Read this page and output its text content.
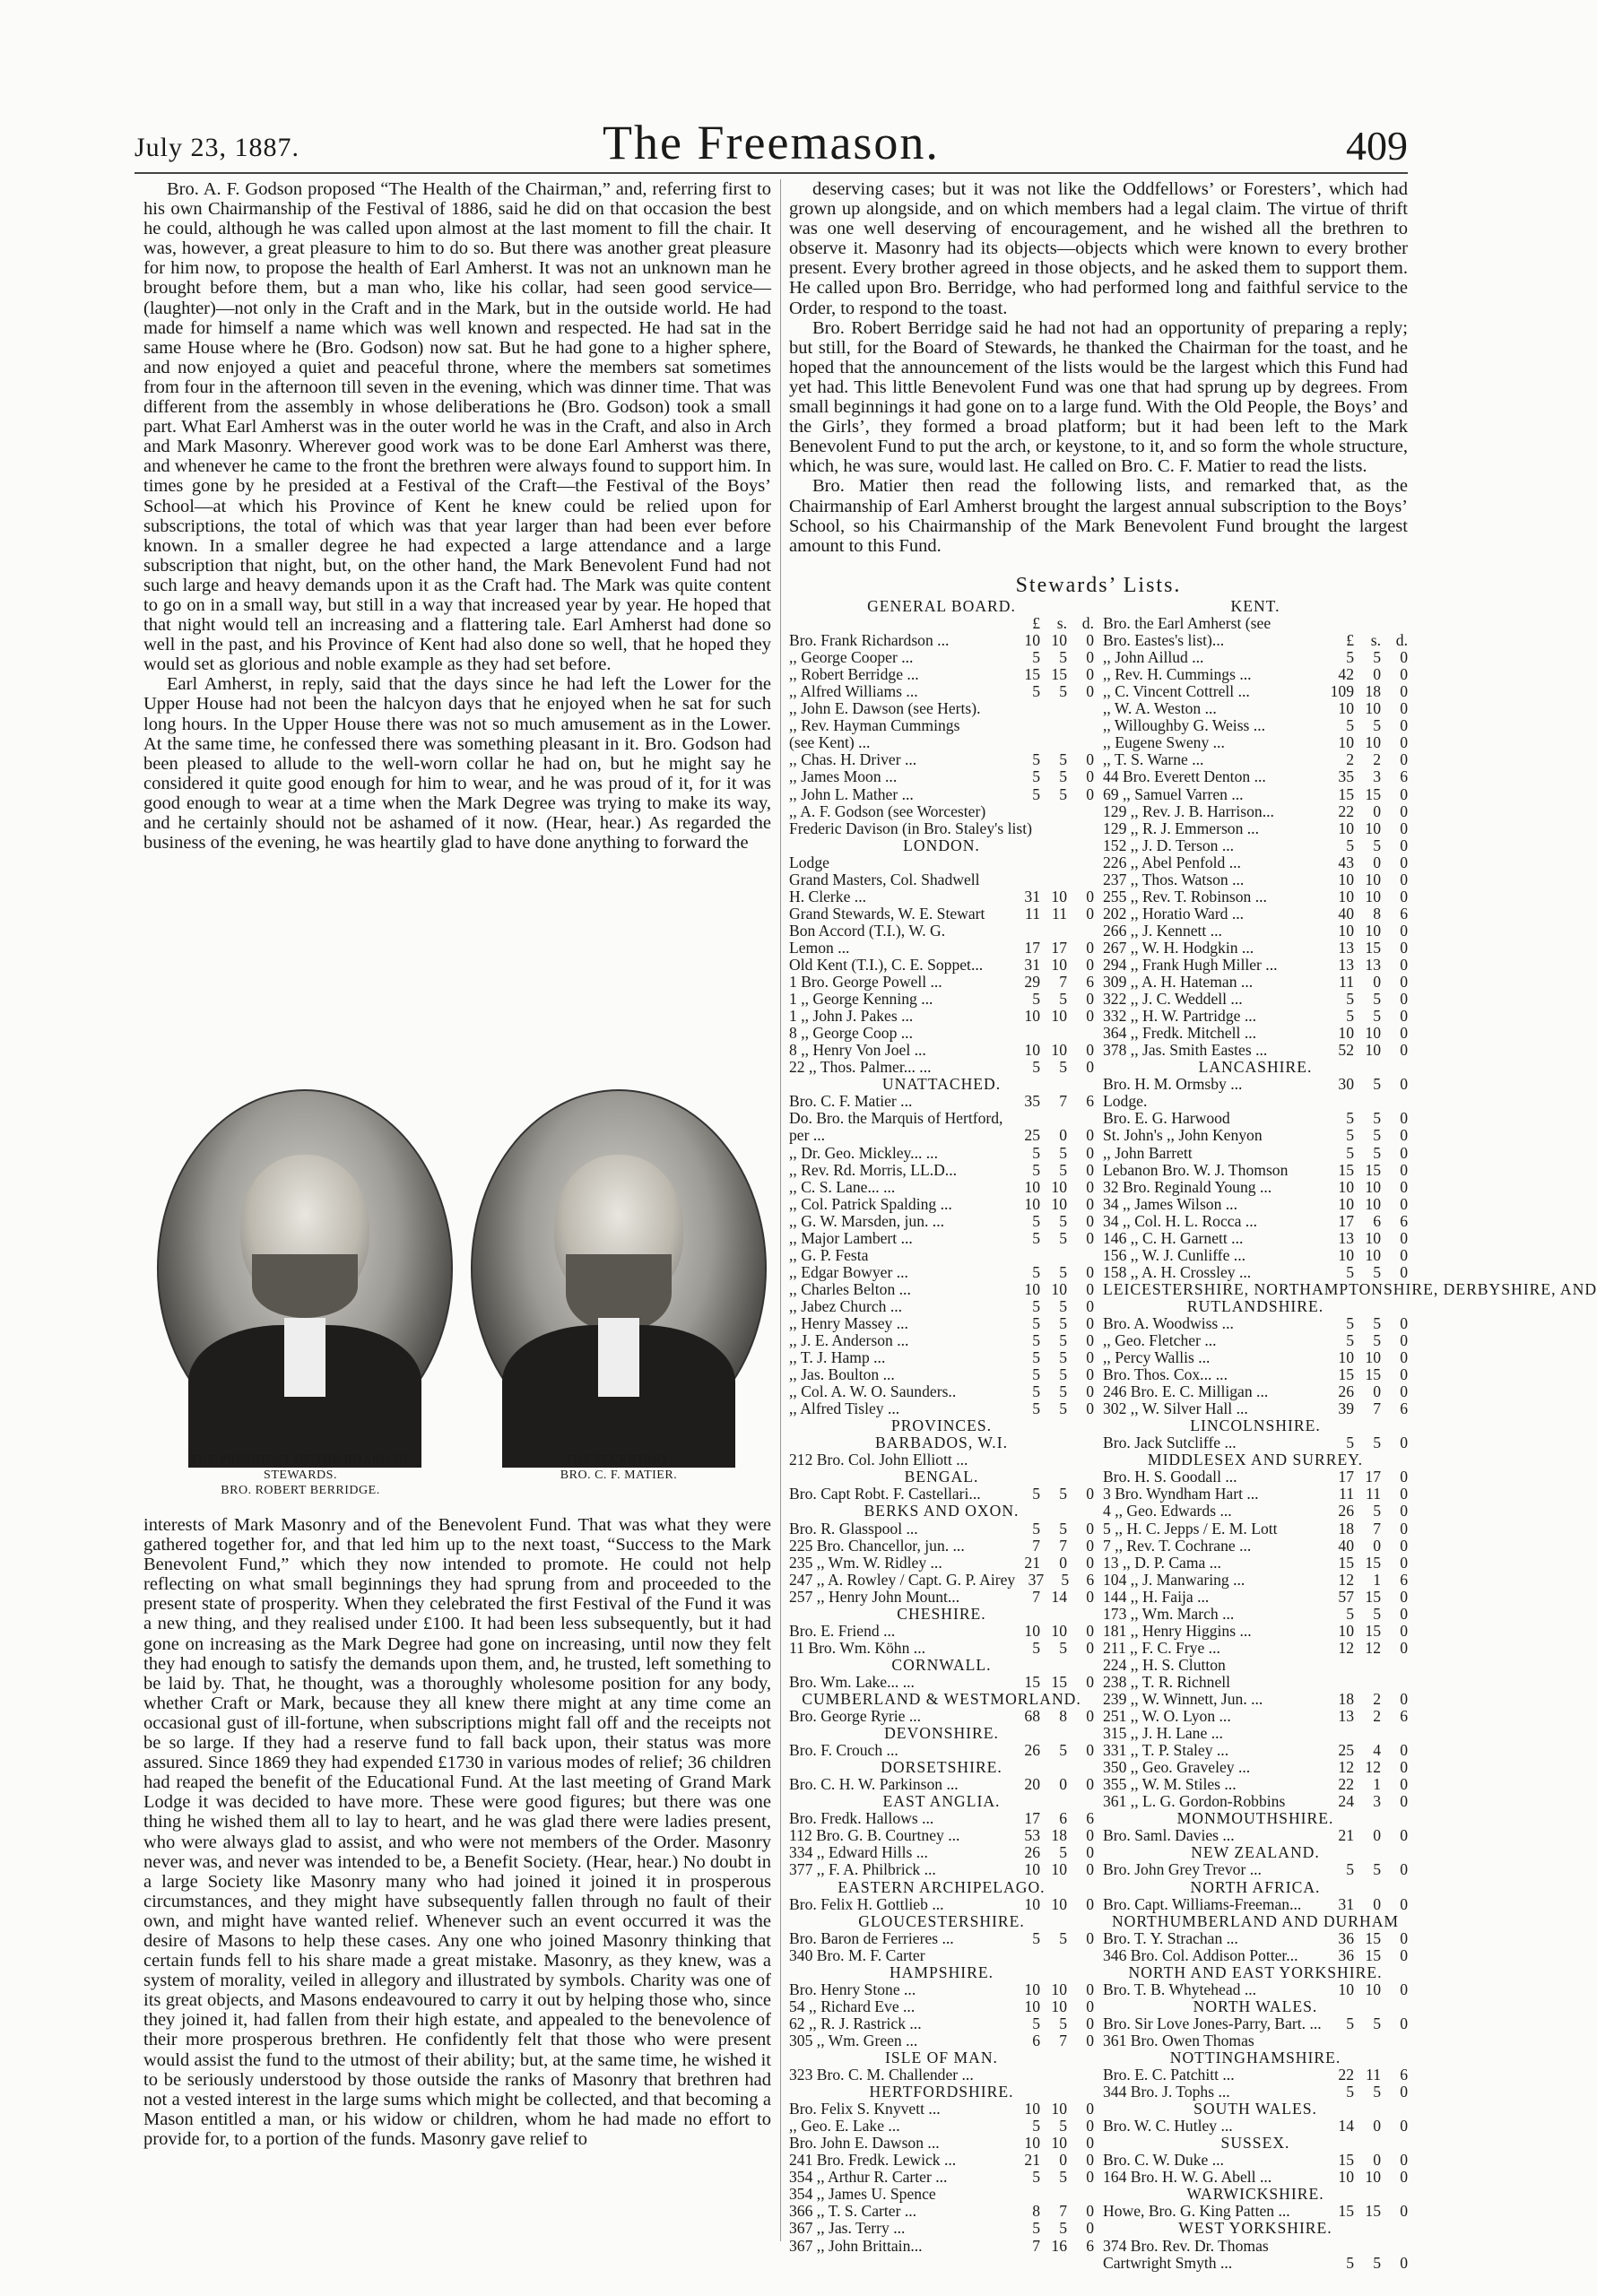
July 23, 1887.	The Freemason.	409

Bro. A. F. Godson proposed “The Health of the Chairman,” and, referring first to his own Chairmanship of the Festival of 1886, said he did on that occasion the best he could, although he was called upon almost at the last moment to fill the chair. It was, however, a great pleasure to him to do so. But there was another great pleasure for him now, to propose the health of Earl Amherst. It was not an unknown man he brought before them, but a man who, like his collar, had seen good service—(laughter)—not only in the Craft and in the Mark, but in the outside world. He had made for himself a name which was well known and respected. He had sat in the same House where he (Bro. Godson) now sat. But he had gone to a higher sphere, and now enjoyed a quiet and peaceful throne, where the members sat sometimes from four in the afternoon till seven in the evening, which was dinner time. That was different from the assembly in whose deliberations he (Bro. Godson) took a small part. What Earl Amherst was in the outer world he was in the Craft, and also in Arch and Mark Masonry. Wherever good work was to be done Earl Amherst was there, and whenever he came to the front the brethren were always found to support him. In times gone by he presided at a Festival of the Craft—the Festival of the Boys’ School—at which his Province of Kent he knew could be relied upon for subscriptions, the total of which was that year larger than had been ever before known. In a smaller degree he had expected a large attendance and a large subscription that night, but, on the other hand, the Mark Benevolent Fund had not such large and heavy demands upon it as the Craft had. The Mark was quite content to go on in a small way, but still in a way that increased year by year. He hoped that that night would tell an increasing and a flattering tale. Earl Amherst had done so well in the past, and his Province of Kent had also done so well, that he hoped they would set as glorious and noble example as they had set before.

Earl Amherst, in reply, said that the days since he had left the Lower for the Upper House had not been the halcyon days that he enjoyed when he sat for such long hours. In the Upper House there was not so much amusement as in the Lower. At the same time, he confessed there was something pleasant in it. Bro. Godson had been pleased to allude to the well-worn collar he had on, but he might say he considered it quite good enough for him to wear, and he was proud of it, for it was good enough to wear at a time when the Mark Degree was trying to make its way, and he certainly should not be ashamed of it now. (Hear, hear.) As regarded the business of the evening, he was heartily glad to have done anything to forward the

THE PRESIDENT OF THE BOARD OF
STEWARDS.
BRO. ROBERT BERRIDGE.
THE SECRETARY.
BRO. C. F. MATIER.

interests of Mark Masonry and of the Benevolent Fund. That was what they were gathered together for, and that led him up to the next toast, “Success to the Mark Benevolent Fund,” which they now intended to promote. He could not help reflecting on what small beginnings they had sprung from and proceeded to the present state of prosperity. When they celebrated the first Festival of the Fund it was a new thing, and they realised under £100. It had been less subsequently, but it had gone on increasing as the Mark Degree had gone on increasing, until now they felt they had enough to satisfy the demands upon them, and, he trusted, left something to be laid by. That, he thought, was a thoroughly wholesome position for any body, whether Craft or Mark, because they all knew there might at any time come an occasional gust of ill-fortune, when subscriptions might fall off and the receipts not be so large. If they had a reserve fund to fall back upon, their status was more assured. Since 1869 they had expended £1730 in various modes of relief; 36 children had reaped the benefit of the Educational Fund. At the last meeting of Grand Mark Lodge it was decided to have more. These were good figures; but there was one thing he wished them all to lay to heart, and he was glad there were ladies present, who were always glad to assist, and who were not members of the Order. Masonry never was, and never was intended to be, a Benefit Society. (Hear, hear.) No doubt in a large Society like Masonry many who had joined it joined it in prosperous circumstances, and they might have subsequently fallen through no fault of their own, and might have wanted relief. Whenever such an event occurred it was the desire of Masons to help these cases. Any one who joined Masonry thinking that certain funds fell to his share made a great mistake. Masonry, as they knew, was a system of morality, veiled in allegory and illustrated by symbols. Charity was one of its great objects, and Masons endeavoured to carry it out by helping those who, since they joined it, had fallen from their high estate, and appealed to the benevolence of their more prosperous brethren. He confidently felt that those who were present would assist the fund to the utmost of their ability; but, at the same time, he wished it to be seriously understood by those outside the ranks of Masonry that brethren had not a vested interest in the large sums which might be collected, and that becoming a Mason entitled a man, or his widow or children, whom he had made no effort to provide for, to a portion of the funds. Masonry gave relief to

deserving cases; but it was not like the Oddfellows’ or Foresters’, which had grown up alongside, and on which members had a legal claim. The virtue of thrift was one well deserving of encouragement, and he wished all the brethren to observe it. Masonry had its objects—objects which were known to every brother present. Every brother agreed in those objects, and he asked them to support them. He called upon Bro. Berridge, who had performed long and faithful service to the Order, to respond to the toast.

Bro. Robert Berridge said he had not had an opportunity of preparing a reply; but still, for the Board of Stewards, he thanked the Chairman for the toast, and he hoped that the announcement of the lists would be the largest which this Fund had yet had. This little Benevolent Fund was one that had sprung up by degrees. From small beginnings it had gone on to a large fund. With the Old People, the Boys’ and the Girls’, they formed a broad platform; but it had been left to the Mark Benevolent Fund to put the arch, or keystone, to it, and so form the whole structure, which, he was sure, would last. He called on Bro. C. F. Matier to read the lists.

Bro. Matier then read the following lists, and remarked that, as the Chairmanship of Earl Amherst brought the largest annual subscription to the Boys’ School, so his Chairmanship of the Mark Benevolent Fund brought the largest amount to this Fund.

Stewards’ Lists.
GENERAL BOARD.
£	s. d.
Bro. Frank Richardson ...	10 10	0
,, George Cooper ...	5	5	0
,, Robert Berridge ...	15 15	0
,, Alfred Williams ...	5	5	0
,, John E. Dawson (see Herts).
,, Rev. Hayman Cummings
(see Kent) ...
,, Chas. H. Driver ...	5	5	0
,, James Moon ...	5	5	0
,, John L. Mather ...	5	5	0
,, A. F. Godson (see Worcester)
Frederic Davison (in Bro. Staley's list)
LONDON.
Lodge
Grand Masters, Col. Shadwell
H. Clerke ...	31 10	0
Grand Stewards, W. E. Stewart	11 11	0
Bon Accord (T.I.), W. G.
Lemon ...	17 17	0
Old Kent (T.I.), C. E. Soppet...	31 10	0
1 Bro. George Powell ...	29	7	6
1 ,, George Kenning ...	5	5	0
1 ,, John J. Pakes ...	10 10	0
8 ,, George Coop ...
8 ,, Henry Von Joel ...	10 10	0
22 ,, Thos. Palmer... ...	5	5	0
UNATTACHED.
Bro. C. F. Matier ...	35	7	6
Do. Bro. the Marquis of Hertford,
per ...	25	0	0
,, Dr. Geo. Mickley... ...	5	5	0
,, Rev. Rd. Morris, LL.D...	5	5	0
,, C. S. Lane... ...	10 10	0
,, Col. Patrick Spalding ...	10 10	0
,, G. W. Marsden, jun. ...	5	5	0
,, Major Lambert ...	5	5	0
,, G. P. Festa
,, Edgar Bowyer ...	5	5	0
,, Charles Belton ...	10 10	0
,, Jabez Church ...	5	5	0
,, Henry Massey ...	5	5	0
,, J. E. Anderson ...	5	5	0
,, T. J. Hamp ...	5	5	0
,, Jas. Boulton ...	5	5	0
,, Col. A. W. O. Saunders..	5	5	0
,, Alfred Tisley ...	5	5	0
PROVINCES.
BARBADOS, W.I.
212 Bro. Col. John Elliott ...
BENGAL.
Bro. Capt Robt. F. Castellari...	5	5	0
BERKS AND OXON.
Bro. R. Glasspool ...	5	5	0
225 Bro. Chancellor, jun. ...	7	7	0
235 ,, Wm. W. Ridley ...	21	0	0
247 ,, A. Rowley / Capt. G. P. Airey 37	5	6
257 ,, Henry John Mount...	7 14	0
CHESHIRE.
Bro. E. Friend ...	10 10	0
11 Bro. Wm. Köhn ...	5	5	0
CORNWALL.
Bro. Wm. Lake... ...	15 15	0
CUMBERLAND & WESTMORLAND.
Bro. George Ryrie ...	68	8	0
DEVONSHIRE.
Bro. F. Crouch ...	26	5	0
DORSETSHIRE.
Bro. C. H. W. Parkinson ...	20	0	0
EAST ANGLIA.
Bro. Fredk. Hallows ...	17	6	6
112 Bro. G. B. Courtney ...	53 18	0
334 ,, Edward Hills ...	26	5	0
377 ,, F. A. Philbrick ...	10 10	0
EASTERN ARCHIPELAGO.
Bro. Felix H. Gottlieb ...	10 10	0
GLOUCESTERSHIRE.
Bro. Baron de Ferrieres ...	5	5	0
340 Bro. M. F. Carter
HAMPSHIRE.
Bro. Henry Stone ...	10 10	0
54 ,, Richard Eve ...	10 10	0
62 ,, R. J. Rastrick ...	5	5	0
305 ,, Wm. Green ...	6	7	0
ISLE OF MAN.
323 Bro. C. M. Challender ...
HERTFORDSHIRE.
Bro. Felix S. Knyvett ...	10 10	0
,, Geo. E. Lake ...	5	5	0
Bro. John E. Dawson ...	10 10	0
241 Bro. Fredk. Lewick ...	21	0	0
354 ,, Arthur R. Carter ...	5	5	0
354 ,, James U. Spence
366 ,, T. S. Carter ...	8	7	0
367 ,, Jas. Terry ...	5	5	0
367 ,, John Brittain...	7 16	6
KENT.
Bro. the Earl Amherst (see
Bro. Eastes's list)...	£	s. d.
,, John Aillud ...	5	5	0
,, Rev. H. Cummings ...	42	0	0
,, C. Vincent Cottrell ...	109 18	0
,, W. A. Weston ...	10 10	0
,, Willoughby G. Weiss ...	5	5	0
,, Eugene Sweny ...	10 10	0
,, T. S. Warne ...	2	2	0
44 Bro. Everett Denton ...	35	3	6
69 ,, Samuel Varren ...	15 15	0
129 ,, Rev. J. B. Harrison...	22	0	0
129 ,, R. J. Emmerson ...	10 10	0
152 ,, J. D. Terson ...	5	5	0
226 ,, Abel Penfold ...	43	0	0
237 ,, Thos. Watson ...	10 10	0
255 ,, Rev. T. Robinson ...	10 10	0
202 ,, Horatio Ward ...	40	8	6
266 ,, J. Kennett ...	10 10	0
267 ,, W. H. Hodgkin ...	13 15	0
294 ,, Frank Hugh Miller ...	13 13	0
309 ,, A. H. Hateman ...	11	0	0
322 ,, J. C. Weddell ...	5	5	0
332 ,, H. W. Partridge ...	5	5	0
364 ,, Fredk. Mitchell ...	10 10	0
378 ,, Jas. Smith Eastes ...	52 10	0
LANCASHIRE.
Bro. H. M. Ormsby ...	30	5	0
Lodge.
Bro. E. G. Harwood	5	5	0
St. John's ,, John Kenyon	5	5	0
,, John Barrett	5	5	0
Lebanon Bro. W. J. Thomson	15 15	0
32 Bro. Reginald Young ...	10 10	0
34 ,, James Wilson ...	10 10	0
34 ,, Col. H. L. Rocca ...	17	6	6
146 ,, C. H. Garnett ...	13 10	0
156 ,, W. J. Cunliffe ...	10 10	0
158 ,, A. H. Crossley ...	5	5	0
LEICESTERSHIRE, NORTHAMPTONSHIRE, DERBYSHIRE, AND
RUTLANDSHIRE.
Bro. A. Woodwiss ...	5	5	0
,, Geo. Fletcher ...	5	5	0
,, Percy Wallis ...	10 10	0
Bro. Thos. Cox... ...	15 15	0
246 Bro. E. C. Milligan ...	26	0	0
302 ,, W. Silver Hall ...	39	7	6
LINCOLNSHIRE.
Bro. Jack Sutcliffe ...	5	5	0
MIDDLESEX AND SURREY.
Bro. H. S. Goodall ...	17 17	0
3 Bro. Wyndham Hart ...	11 11	0
4 ,, Geo. Edwards ...	26	5	0
5 ,, H. C. Jepps / E. M. Lott	18	7	0
7 ,, Rev. T. Cochrane ...	40	0	0
13 ,, D. P. Cama ...	15 15	0
104 ,, J. Manwaring ...	12	1	6
144 ,, H. Faija ...	57 15	0
173 ,, Wm. March ...	5	5	0
181 ,, Henry Higgins ...	10 15	0
211 ,, F. C. Frye ...	12 12	0
224 ,, H. S. Clutton
238 ,, T. R. Richnell
239 ,, W. Winnett, Jun. ...	18	2	0
251 ,, W. O. Lyon ...	13	2	6
315 ,, J. H. Lane ...
331 ,, T. P. Staley ...	25	4	0
350 ,, Geo. Graveley ...	12 12	0
355 ,, W. M. Stiles ...	22	1	0
361 ,, L. G. Gordon-Robbins	24	3	0
MONMOUTHSHIRE.
Bro. Saml. Davies ...	21	0	0
NEW ZEALAND.
Bro. John Grey Trevor ...	5	5	0
NORTH AFRICA.
Bro. Capt. Williams-Freeman...	31	0	0
NORTHUMBERLAND AND DURHAM
Bro. T. Y. Strachan ...	36 15	0
346 Bro. Col. Addison Potter...	36 15	0
NORTH AND EAST YORKSHIRE.
Bro. T. B. Whytehead ...	10 10	0
NORTH WALES.
Bro. Sir Love Jones-Parry, Bart. ...	5	5	0
361 Bro. Owen Thomas
NOTTINGHAMSHIRE.
Bro. E. C. Patchitt ...	22 11	6
344 Bro. J. Tophs ...	5	5	0
SOUTH WALES.
Bro. W. C. Hutley ...	14	0	0
SUSSEX.
Bro. C. W. Duke ...	15	0	0
164 Bro. H. W. G. Abell ...	10 10	0
WARWICKSHIRE.
Howe, Bro. G. King Patten ...	15 15	0
WEST YORKSHIRE.
374 Bro. Rev. Dr. Thomas
Cartwright Smyth ...	5	5	0
